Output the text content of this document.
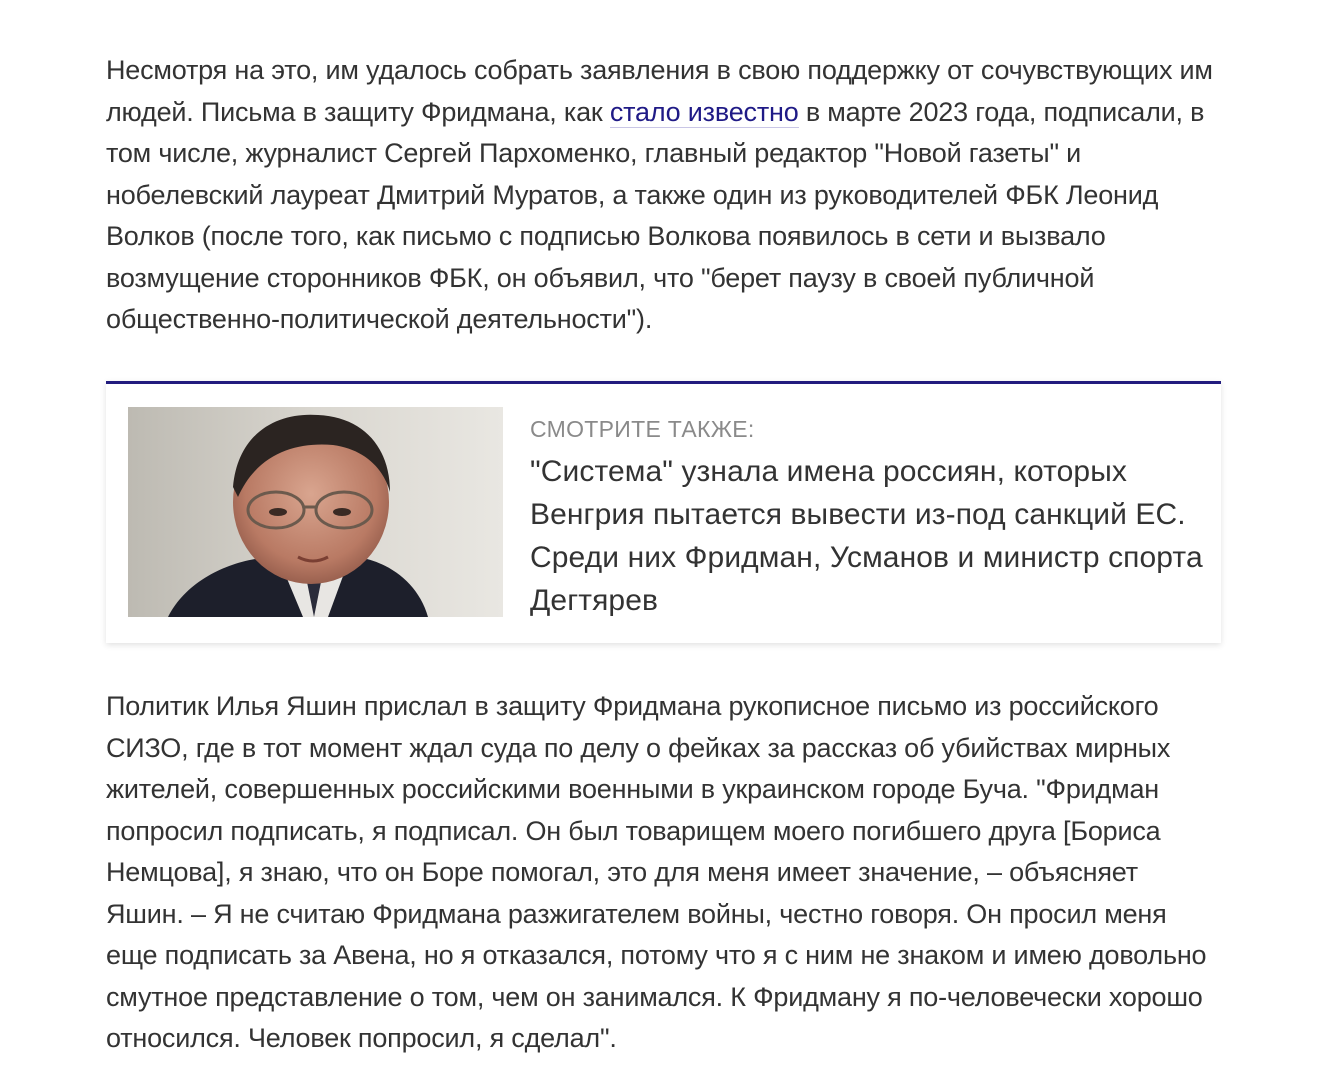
Несмотря на это, им удалось собрать заявления в свою поддержку от сочувствующих им людей. Письма в защиту Фридмана, как стало известно в марте 2023 года, подписали, в том числе, журналист Сергей Пархоменко, главный редактор "Новой газеты" и нобелевский лауреат Дмитрий Муратов, а также один из руководителей ФБК Леонид Волков (после того, как письмо с подписью Волкова появилось в сети и вызвало возмущение сторонников ФБК, он объявил, что "берет паузу в своей публичной общественно-политической деятельности").

СМОТРИТЕ ТАКЖЕ:
"Система" узнала имена россиян, которых Венгрия пытается вывести из-под санкций ЕС. Среди них Фридман, Усманов и министр спорта Дегтярев

Политик Илья Яшин прислал в защиту Фридмана рукописное письмо из российского СИЗО, где в тот момент ждал суда по делу о фейках за рассказ об убийствах мирных жителей, совершенных российскими военными в украинском городе Буча. "Фридман попросил подписать, я подписал. Он был товарищем моего погибшего друга [Бориса Немцова], я знаю, что он Боре помогал, это для меня имеет значение, – объясняет Яшин. – Я не считаю Фридмана разжигателем войны, честно говоря. Он просил меня еще подписать за Авена, но я отказался, потому что я с ним не знаком и имею довольно смутное представление о том, чем он занимался. К Фридману я по-человечески хорошо относился. Человек попросил, я сделал".
